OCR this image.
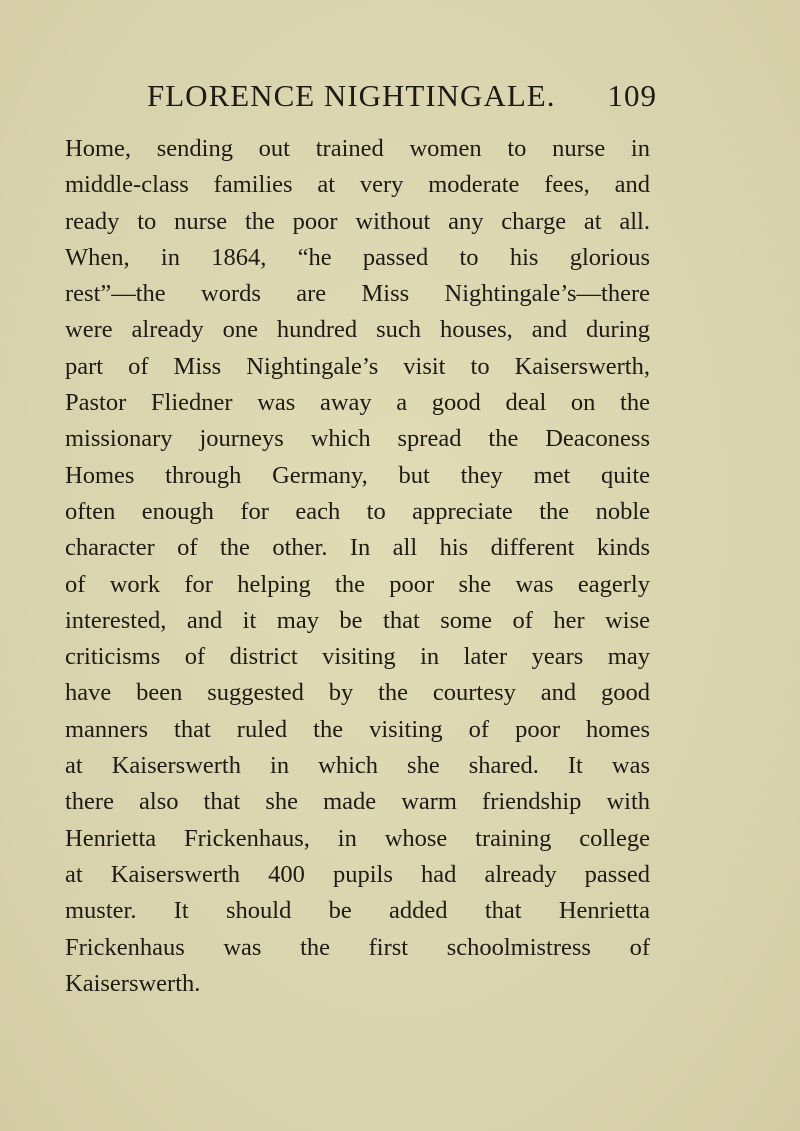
FLORENCE NIGHTINGALE. 109
Home, sending out trained women to nurse in
middle-class families at very moderate fees, and
ready to nurse the poor without any charge at all.
When, in 1864, “he passed to his glorious
rest”—the words are Miss Nightingale’s—there
were already one hundred such houses, and during
part of Miss Nightingale’s visit to Kaiserswerth,
Pastor Fliedner was away a good deal on the
missionary journeys which spread the Deaconess
Homes through Germany, but they met quite
often enough for each to appreciate the noble
character of the other. In all his different kinds
of work for helping the poor she was eagerly
interested, and it may be that some of her wise
criticisms of district visiting in later years may
have been suggested by the courtesy and good
manners that ruled the visiting of poor homes
at Kaiserswerth in which she shared. It was
there also that she made warm friendship with
Henrietta Frickenhaus, in whose training college
at Kaiserswerth 400 pupils had already passed
muster. It should be added that Henrietta
Frickenhaus was the first schoolmistress of
Kaiserswerth.
